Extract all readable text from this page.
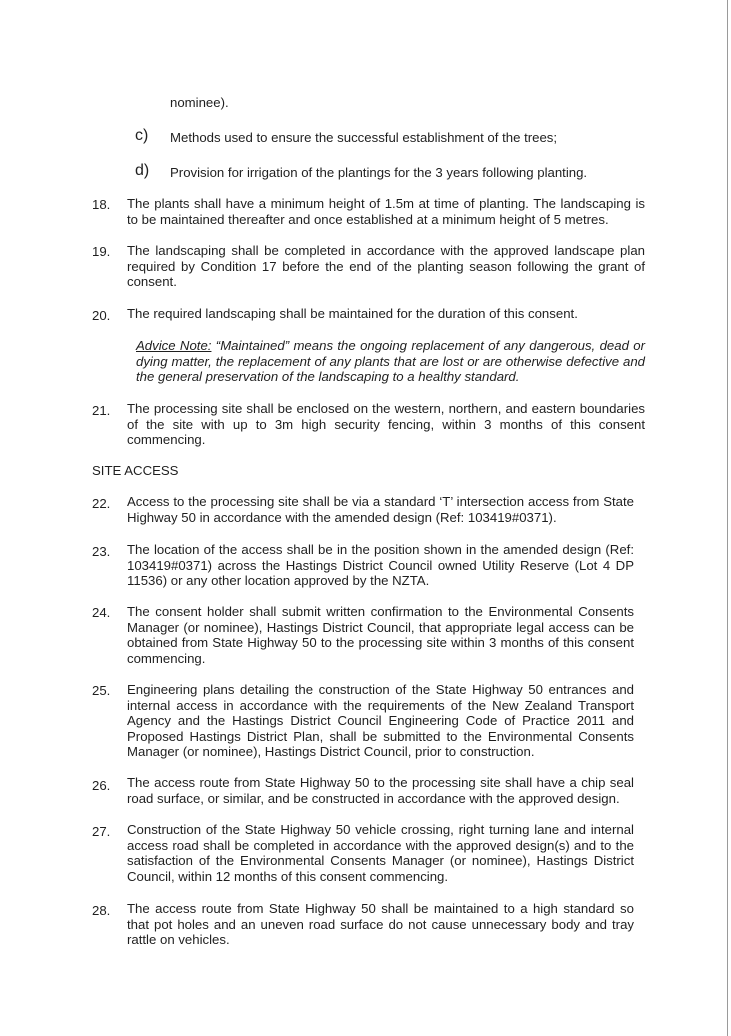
nominee).
c) Methods used to ensure the successful establishment of the trees;
d) Provision for irrigation of the plantings for the 3 years following planting.
18. The plants shall have a minimum height of 1.5m at time of planting. The landscaping is to be maintained thereafter and once established at a minimum height of 5 metres.
19. The landscaping shall be completed in accordance with the approved landscape plan required by Condition 17 before the end of the planting season following the grant of consent.
20. The required landscaping shall be maintained for the duration of this consent.
Advice Note: “Maintained” means the ongoing replacement of any dangerous, dead or dying matter, the replacement of any plants that are lost or are otherwise defective and the general preservation of the landscaping to a healthy standard.
21. The processing site shall be enclosed on the western, northern, and eastern boundaries of the site with up to 3m high security fencing, within 3 months of this consent commencing.
SITE ACCESS
22. Access to the processing site shall be via a standard ‘T’ intersection access from State Highway 50 in accordance with the amended design (Ref: 103419#0371).
23. The location of the access shall be in the position shown in the amended design (Ref: 103419#0371) across the Hastings District Council owned Utility Reserve (Lot 4 DP 11536) or any other location approved by the NZTA.
24. The consent holder shall submit written confirmation to the Environmental Consents Manager (or nominee), Hastings District Council, that appropriate legal access can be obtained from State Highway 50 to the processing site within 3 months of this consent commencing.
25. Engineering plans detailing the construction of the State Highway 50 entrances and internal access in accordance with the requirements of the New Zealand Transport Agency and the Hastings District Council Engineering Code of Practice 2011 and Proposed Hastings District Plan, shall be submitted to the Environmental Consents Manager (or nominee), Hastings District Council, prior to construction.
26. The access route from State Highway 50 to the processing site shall have a chip seal road surface, or similar, and be constructed in accordance with the approved design.
27. Construction of the State Highway 50 vehicle crossing, right turning lane and internal access road shall be completed in accordance with the approved design(s) and to the satisfaction of the Environmental Consents Manager (or nominee), Hastings District Council, within 12 months of this consent commencing.
28. The access route from State Highway 50 shall be maintained to a high standard so that pot holes and an uneven road surface do not cause unnecessary body and tray rattle on vehicles.
